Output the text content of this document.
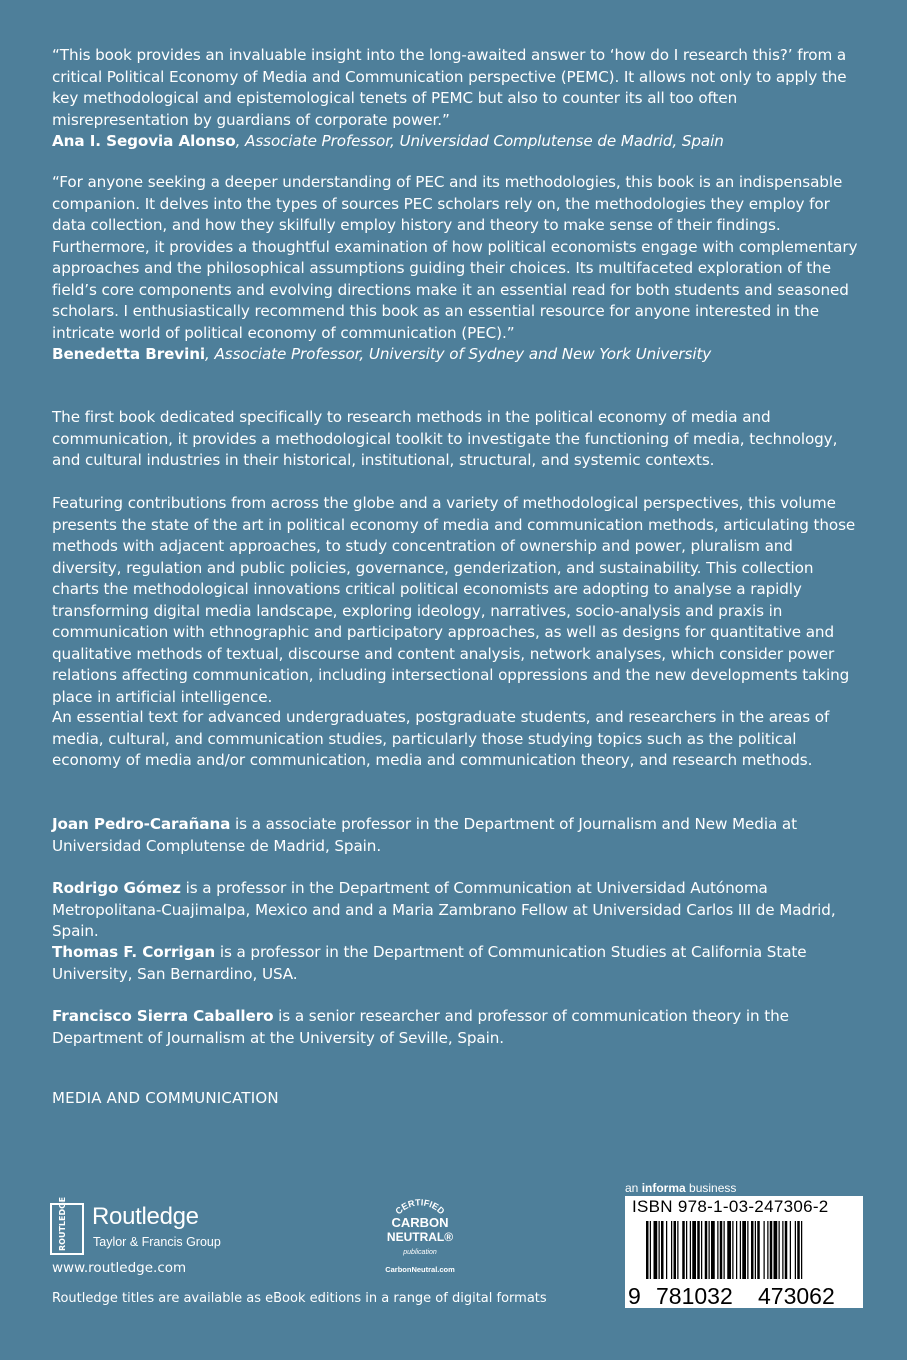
“This book provides an invaluable insight into the long-awaited answer to ‘how do I research this?’ from a critical Political Economy of Media and Communication perspective (PEMC). It allows not only to apply the key methodological and epistemological tenets of PEMC but also to counter its all too often misrepresentation by guardians of corporate power.”

Ana I. Segovia Alonso, Associate Professor, Universidad Complutense de Madrid, Spain

“For anyone seeking a deeper understanding of PEC and its methodologies, this book is an indispensable companion. It delves into the types of sources PEC scholars rely on, the methodologies they employ for data collection, and how they skilfully employ history and theory to make sense of their findings. Furthermore, it provides a thoughtful examination of how political economists engage with complementary approaches and the philosophical assumptions guiding their choices. Its multifaceted exploration of the field’s core components and evolving directions make it an essential read for both students and seasoned scholars. I enthusiastically recommend this book as an essential resource for anyone interested in the intricate world of political economy of communication (PEC).”

Benedetta Brevini, Associate Professor, University of Sydney and New York University

The first book dedicated specifically to research methods in the political economy of media and communication, it provides a methodological toolkit to investigate the functioning of media, technology, and cultural industries in their historical, institutional, structural, and systemic contexts.

Featuring contributions from across the globe and a variety of methodological perspectives, this volume presents the state of the art in political economy of media and communication methods, articulating those methods with adjacent approaches, to study concentration of ownership and power, pluralism and diversity, regulation and public policies, governance, genderization, and sustainability. This collection charts the methodological innovations critical political economists are adopting to analyse a rapidly transforming digital media landscape, exploring ideology, narratives, socio-analysis and praxis in communication with ethnographic and participatory approaches, as well as designs for quantitative and qualitative methods of textual, discourse and content analysis, network analyses, which consider power relations affecting communication, including intersectional oppressions and the new developments taking place in artificial intelligence.

An essential text for advanced undergraduates, postgraduate students, and researchers in the areas of media, cultural, and communication studies, particularly those studying topics such as the political economy of media and/or communication, media and communication theory, and research methods.

Joan Pedro-Carañana is a associate professor in the Department of Journalism and New Media at Universidad Complutense de Madrid, Spain.

Rodrigo Gómez is a professor in the Department of Communication at Universidad Autónoma Metropolitana-Cuajimalpa, Mexico and and a Maria Zambrano Fellow at Universidad Carlos III de Madrid, Spain.

Thomas F. Corrigan is a professor in the Department of Communication Studies at California State University, San Bernardino, USA.

Francisco Sierra Caballero is a senior researcher and professor of communication theory in the Department of Journalism at the University of Seville, Spain.

MEDIA AND COMMUNICATION
ROUTLEDGE	Routledge
Taylor & Francis Group
www.routledge.com
Routledge titles are available as eBook editions in a range of digital formats
CERTIFIED
CARBON
NEUTRAL®
publication
CarbonNeutral.com
an informa business
ISBN 978-1-03-247306-2
9 781032 473062
